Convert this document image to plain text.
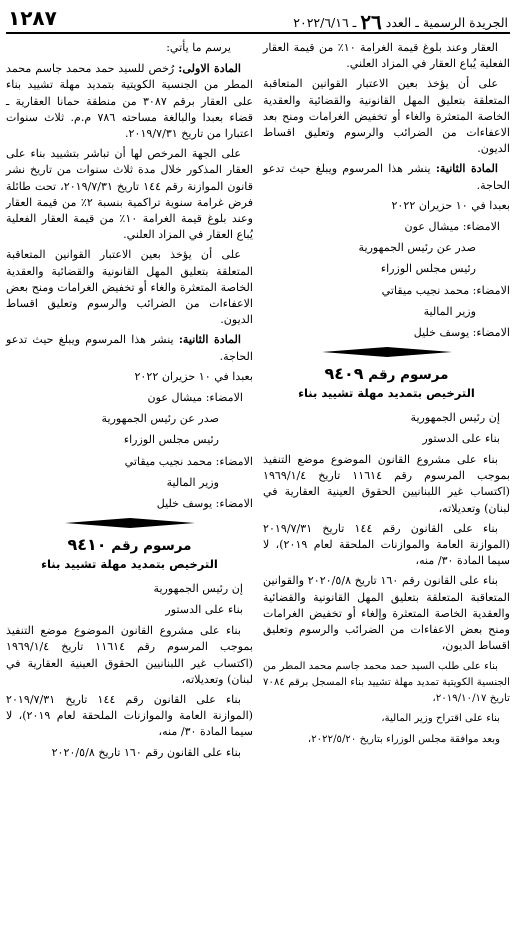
الجريدة الرسمية ـ العدد ٢٦ ـ ٢٠٢٢/٦/١٦
١٢٨٧

العقار وعند بلوغ قيمة الغرامة ١٠٪ من قيمة العقار الفعلية يُباع العقار في المزاد العلني.

على أن يؤخذ بعين الاعتبار القوانين المتعاقبة المتعلقة بتعليق المهل القانونية والقضائية والعقدية الخاصة المتعثرة والغاء أو تخفيض الغرامات ومنح بعد الاعفاءات من الضرائب والرسوم وتعليق اقساط الديون.

المادة الثانية: ينشر هذا المرسوم ويبلغ حيث تدعو الحاجة.

بعبدا في ١٠ حزيران ٢٠٢٢
الامضاء: ميشال عون
صدر عن رئيس الجمهورية
رئيس مجلس الوزراء
الامضاء: محمد نجيب ميقاتي
وزير المالية
الامضاء: يوسف خليل
مرسوم رقم ٩٤٠٩
الترخيص بتمديد مهلة تشييد بناء
إن رئيس الجمهورية
بناء على الدستور

بناء على مشروع القانون الموضوع موضع التنفيذ بموجب المرسوم رقم ١١٦١٤ تاريخ ١٩٦٩/١/٤ (اكتساب غير اللبنانيين الحقوق العينية العقارية في لبنان) وتعديلاته،

بناء على القانون رقم ١٤٤ تاريخ ٢٠١٩/٧/٣١ (الموازنة العامة والموازنات الملحقة لعام ٢٠١٩)، لا سيما المادة ٣٠/ منه،

بناء على القانون رقم ١٦٠ تاريخ ٢٠٢٠/٥/٨ والقوانين المتعاقبة المتعلقة بتعليق المهل القانونية والقضائية والعقدية الخاصة المتعثرة وإلغاء أو تخفيض الغرامات ومنح بعض الاعفاءات من الضرائب والرسوم وتعليق اقساط الديون،

بناء على طلب السيد حمد محمد جاسم محمد المطر من الجنسية الكويتية تمديد مهلة تشييد بناء المسجل برقم ٧٠٨٤ تاريخ ٢٠١٩/١٠/١٧،

بناء على اقتراح وزير المالية،
وبعد موافقة مجلس الوزراء بتاريخ ٢٠٢٢/٥/٢٠،
يرسم ما يأتي:

المادة الاولى: رُخص للسيد حمد محمد جاسم محمد المطر من الجنسية الكويتية بتمديد مهلة تشييد بناء على العقار برقم ٣٠٨٧ من منطقة حمانا العقارية ـ قضاء بعبدا والبالغة مساحته ٧٨٦ م.م. ثلاث سنوات اعتبارا من تاريخ ٢٠١٩/٧/٣١.

على الجهة المرخص لها أن تباشر بتشييد بناء على العقار المذكور خلال مدة ثلاث سنوات من تاريخ نشر قانون الموازنة رقم ١٤٤ تاريخ ٢٠١٩/٧/٣١، تحت طائلة فرض غرامة سنوية تراكمية بنسبة ٢٪ من قيمة العقار وعند بلوغ قيمة الغرامة ١٠٪ من قيمة العقار الفعلية يُباع العقار في المزاد العلني.

على أن يؤخذ بعين الاعتبار القوانين المتعاقبة المتعلقة بتعليق المهل القانونية والقضائية والعقدية الخاصة المتعثرة والغاء أو تخفيض الغرامات ومنح بعض الاعفاءات من الضرائب والرسوم وتعليق اقساط الديون.

المادة الثانية: ينشر هذا المرسوم ويبلغ حيث تدعو الحاجة.

بعبدا في ١٠ حزيران ٢٠٢٢
الامضاء: ميشال عون
صدر عن رئيس الجمهورية
رئيس مجلس الوزراء
الامضاء: محمد نجيب ميقاتي
وزير المالية
الامضاء: يوسف خليل
مرسوم رقم ٩٤١٠
الترخيص بتمديد مهلة تشييد بناء
إن رئيس الجمهورية
بناء على الدستور

بناء على مشروع القانون الموضوع موضع التنفيذ بموجب المرسوم رقم ١١٦١٤ تاريخ ١٩٦٩/١/٤ (اكتساب غير اللبنانيين الحقوق العينية العقارية في لبنان) وتعديلاته،

بناء على القانون رقم ١٤٤ تاريخ ٢٠١٩/٧/٣١ (الموازنة العامة والموازنات الملحقة لعام ٢٠١٩)، لا سيما المادة ٣٠/ منه،

بناء على القانون رقم ١٦٠ تاريخ ٢٠٢٠/٥/٨
